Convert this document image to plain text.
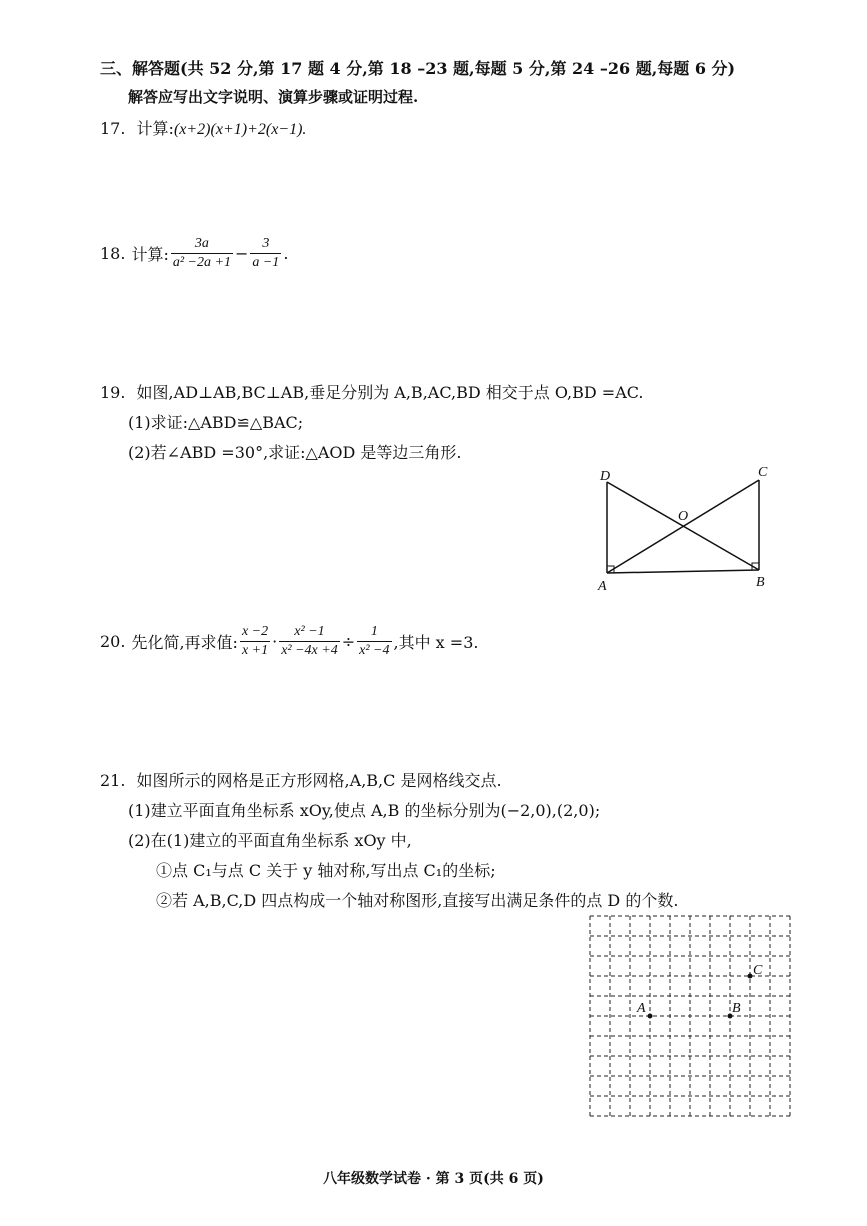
三、解答题(共 52 分,第 17 题 4 分,第 18 –23 题,每题 5 分,第 24 –26 题,每题 6 分)
解答应写出文字说明、演算步骤或证明过程.
17. 计算:(x+2)(x+1)+2(x−1).
18. 计算: $\frac{3a}{\text{a² −2a +1}} - \frac{3}{a -1}$ .
19. 如图,AD⊥AB,BC⊥AB,垂足分别为 A,B,AC,BD 相交于点 O,BD =AC.
(1)求证:△ABD≌△BAC;
(2)若∠ABD =30°,求证:△AOD 是等边三角形.
D	C
O
A	B
20. 先化简,再求值: $\frac{x -2}{x +1} \cdot \frac{\text{x² −1}}{\text{x² −4x +4}} \div \frac{1}{\text{x² −4}}$ ,其中 x =3.
21. 如图所示的网格是正方形网格,A,B,C 是网格线交点.
(1)建立平面直角坐标系 xOy,使点 A,B 的坐标分别为(−2,0),(2,0);
(2)在(1)建立的平面直角坐标系 xOy 中,
①点 C₁与点 C 关于 y 轴对称,写出点 C₁的坐标;
②若 A,B,C,D 四点构成一个轴对称图形,直接写出满足条件的点 D 的个数.
A	B
C
八年级数学试卷 · 第 3 页(共 6 页)
